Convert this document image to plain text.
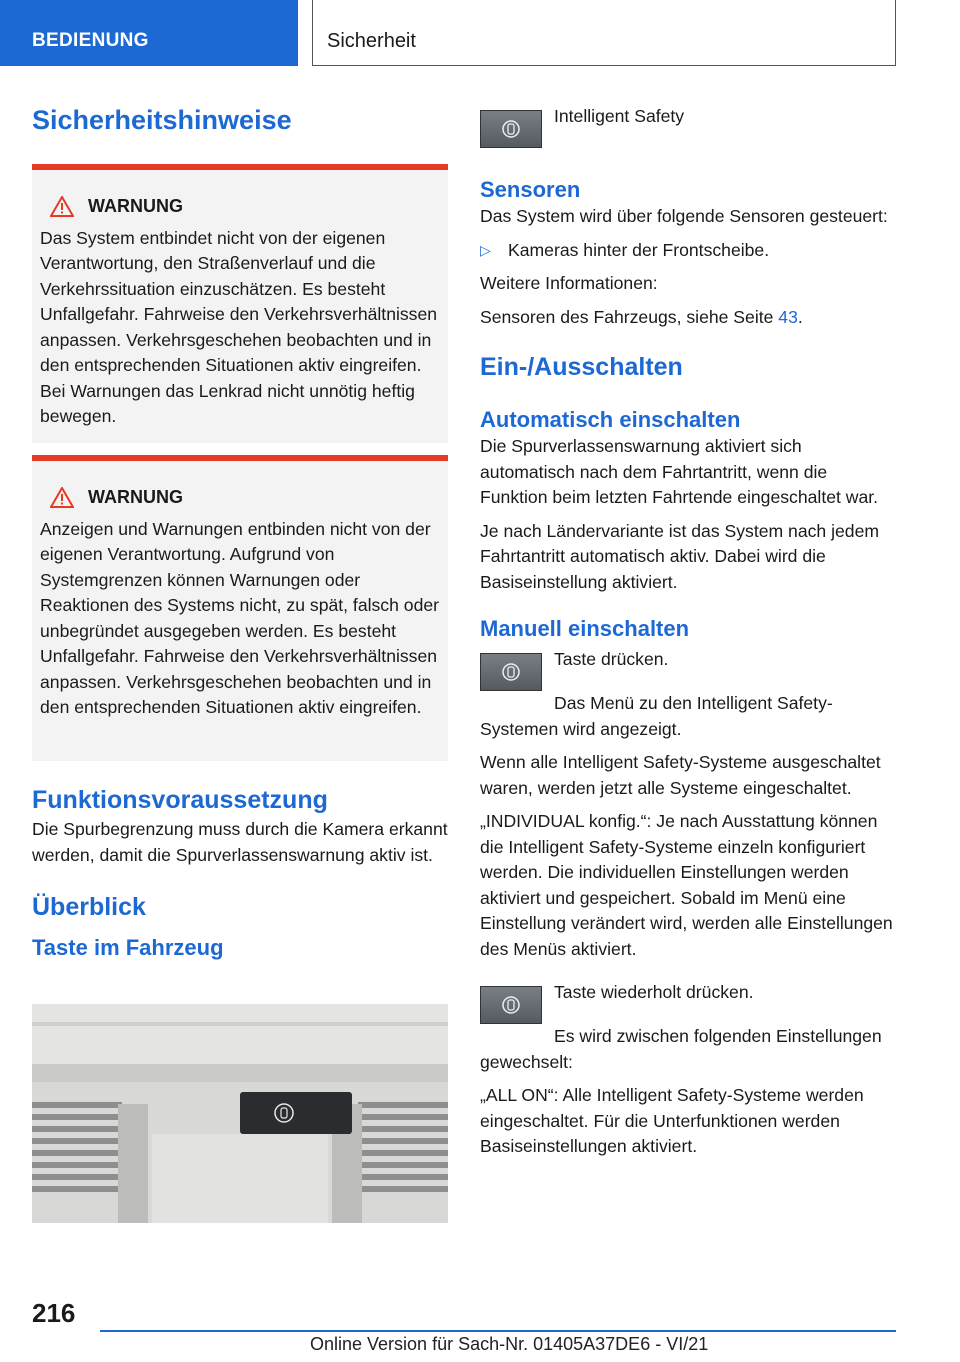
BEDIENUNG	Sicherheit
Sicherheitshinweise
WARNUNG

Das System entbindet nicht von der eigenen Verantwortung, den Straßenverlauf und die Verkehrssituation einzuschätzen. Es besteht Unfallgefahr. Fahrweise den Verkehrsverhältnissen anpassen. Verkehrsgeschehen beobachten und in den entsprechenden Situationen aktiv eingreifen. Bei Warnungen das Lenkrad nicht unnötig heftig bewegen.

WARNUNG

Anzeigen und Warnungen entbinden nicht von der eigenen Verantwortung. Aufgrund von Systemgrenzen können Warnungen oder Reaktionen des Systems nicht, zu spät, falsch oder unbegründet ausgegeben werden. Es besteht Unfallgefahr. Fahrweise den Verkehrsverhältnissen anpassen. Verkehrsgeschehen beobachten und in den entsprechenden Situationen aktiv eingreifen.

Funktionsvoraussetzung

Die Spurbegrenzung muss durch die Kamera erkannt werden, damit die Spurverlassenswarnung aktiv ist.

Überblick
Taste im Fahrzeug
Intelligent Safety
Sensoren

Das System wird über folgende Sensoren gesteuert:

▷ Kameras hinter der Frontscheibe.

Weitere Informationen:

Sensoren des Fahrzeugs, siehe Seite 43.

Ein-/Ausschalten
Automatisch einschalten

Die Spurverlassenswarnung aktiviert sich automatisch nach dem Fahrtantritt, wenn die Funktion beim letzten Fahrtende eingeschaltet war.

Je nach Ländervariante ist das System nach jedem Fahrtantritt automatisch aktiv. Dabei wird die Basiseinstellung aktiviert.

Manuell einschalten

Taste drücken.

Das Menü zu den Intelligent Safety-Systemen wird angezeigt.

Wenn alle Intelligent Safety-Systeme ausgeschaltet waren, werden jetzt alle Systeme eingeschaltet.

„INDIVIDUAL konfig.“: Je nach Ausstattung können die Intelligent Safety-Systeme einzeln konfiguriert werden. Die individuellen Einstellungen werden aktiviert und gespeichert. Sobald im Menü eine Einstellung verändert wird, werden alle Einstellungen des Menüs aktiviert.

Taste wiederholt drücken.

Es wird zwischen folgenden Einstellungen gewechselt:

„ALL ON“: Alle Intelligent Safety-Systeme werden eingeschaltet. Für die Unterfunktionen werden Basiseinstellungen aktiviert.

216
Online Version für Sach-Nr. 01405A37DE6 - VI/21
